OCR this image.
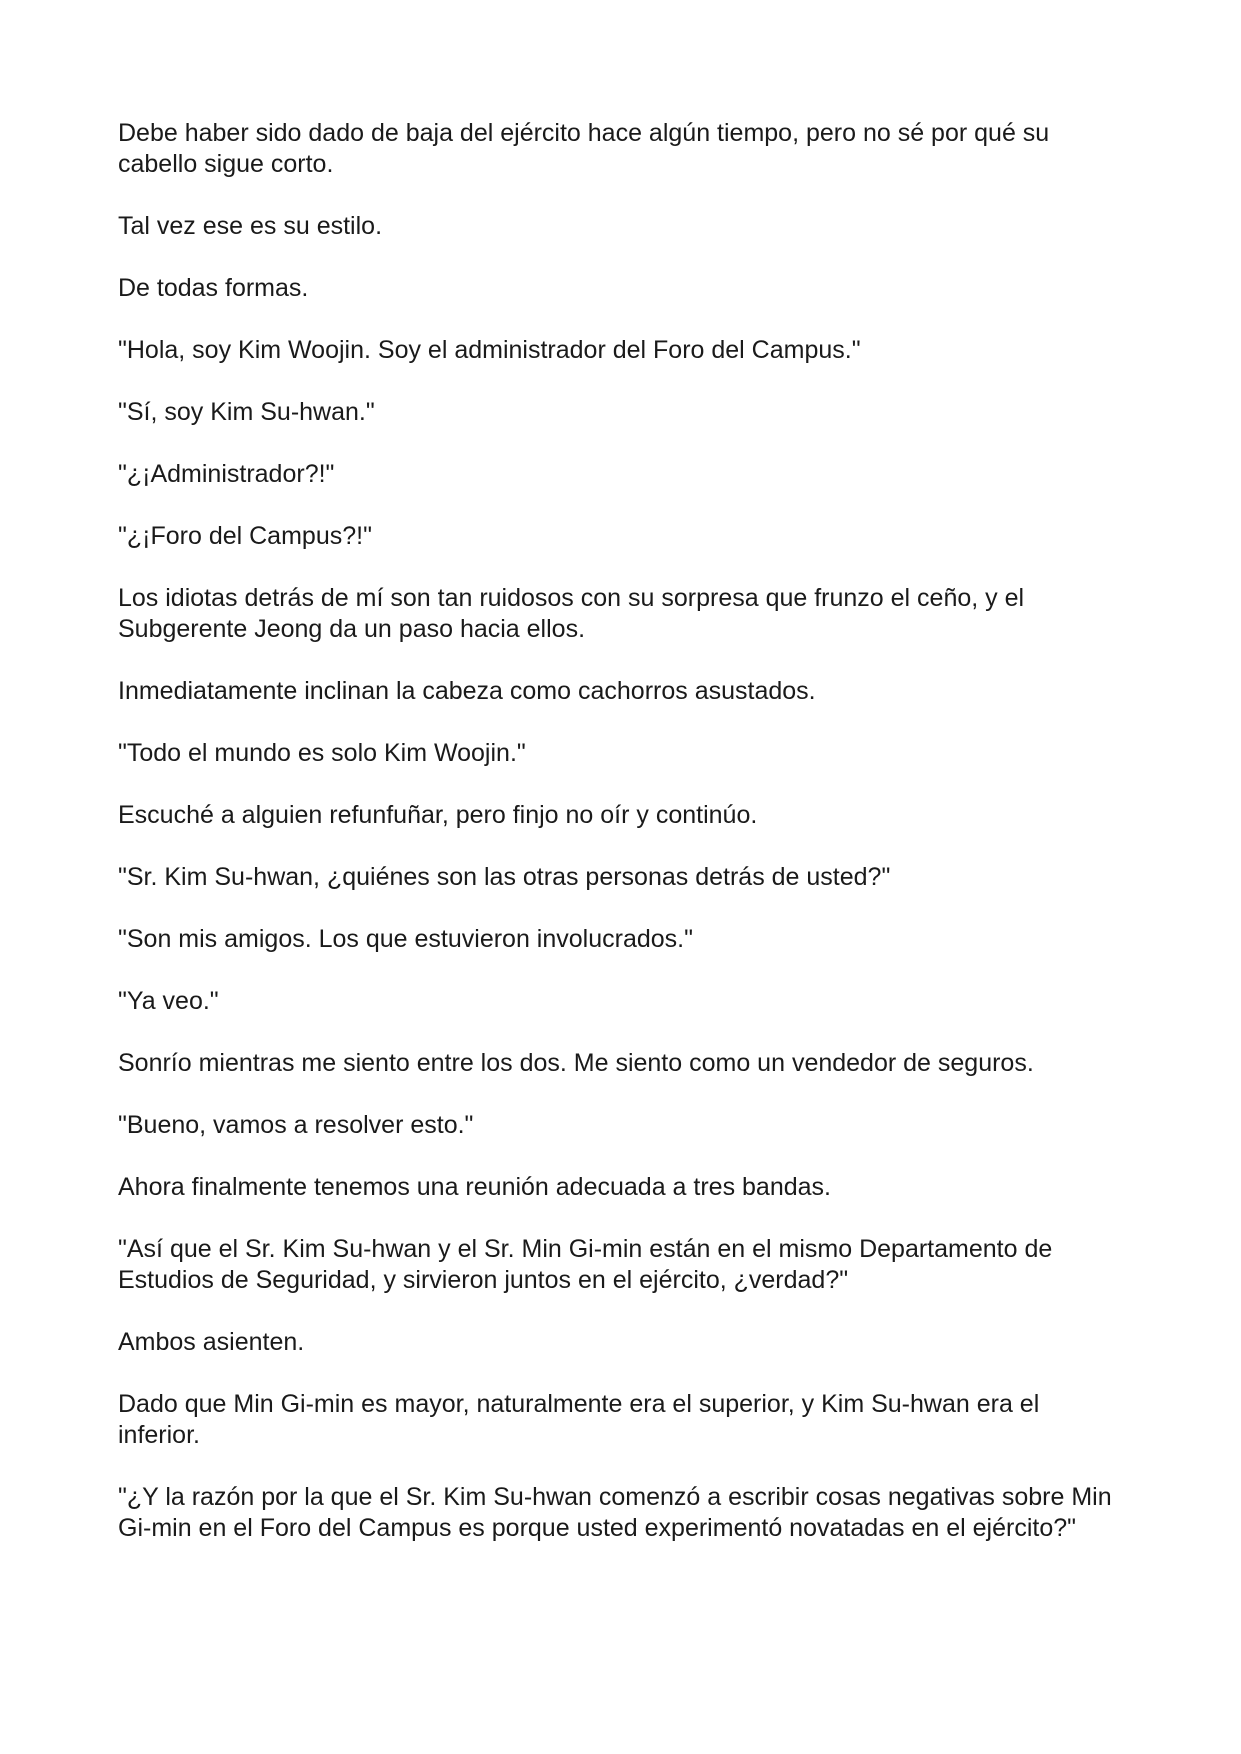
Debe haber sido dado de baja del ejército hace algún tiempo, pero no sé por qué su cabello sigue corto.

Tal vez ese es su estilo.

De todas formas.

"Hola, soy Kim Woojin. Soy el administrador del Foro del Campus."

"Sí, soy Kim Su-hwan."

"¿¡Administrador?!"

"¿¡Foro del Campus?!"

Los idiotas detrás de mí son tan ruidosos con su sorpresa que frunzo el ceño, y el Subgerente Jeong da un paso hacia ellos.

Inmediatamente inclinan la cabeza como cachorros asustados.

"Todo el mundo es solo Kim Woojin."

Escuché a alguien refunfuñar, pero finjo no oír y continúo.

"Sr. Kim Su-hwan, ¿quiénes son las otras personas detrás de usted?"

"Son mis amigos. Los que estuvieron involucrados."

"Ya veo."

Sonrío mientras me siento entre los dos. Me siento como un vendedor de seguros.

"Bueno, vamos a resolver esto."

Ahora finalmente tenemos una reunión adecuada a tres bandas.

"Así que el Sr. Kim Su-hwan y el Sr. Min Gi-min están en el mismo Departamento de Estudios de Seguridad, y sirvieron juntos en el ejército, ¿verdad?"

Ambos asienten.

Dado que Min Gi-min es mayor, naturalmente era el superior, y Kim Su-hwan era el inferior.

"¿Y la razón por la que el Sr. Kim Su-hwan comenzó a escribir cosas negativas sobre Min Gi-min en el Foro del Campus es porque usted experimentó novatadas en el ejército?"
